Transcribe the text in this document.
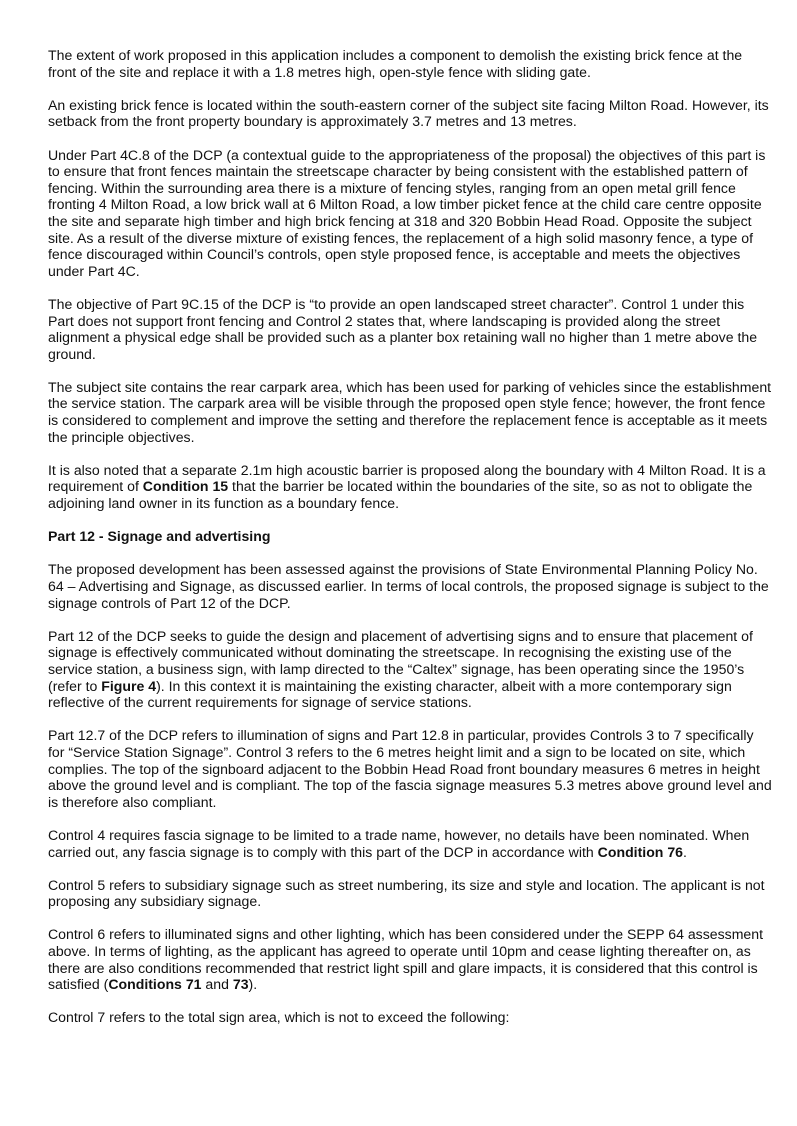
The extent of work proposed in this application includes a component to demolish the existing brick fence at the front of the site and replace it with a 1.8 metres high, open-style fence with sliding gate.

An existing brick fence is located within the south-eastern corner of the subject site facing Milton Road. However, its setback from the front property boundary is approximately 3.7 metres and 13 metres.

Under Part 4C.8 of the DCP (a contextual guide to the appropriateness of the proposal) the objectives of this part is to ensure that front fences maintain the streetscape character by being consistent with the established pattern of fencing. Within the surrounding area there is a mixture of fencing styles, ranging from an open metal grill fence fronting 4 Milton Road, a low brick wall at 6 Milton Road, a low timber picket fence at the child care centre opposite the site and separate high timber and high brick fencing at 318 and 320 Bobbin Head Road. Opposite the subject site. As a result of the diverse mixture of existing fences, the replacement of a high solid masonry fence, a type of fence discouraged within Council’s controls, open style proposed fence, is acceptable and meets the objectives under Part 4C.

The objective of Part 9C.15 of the DCP is “to provide an open landscaped street character”. Control 1 under this Part does not support front fencing and Control 2 states that, where landscaping is provided along the street alignment a physical edge shall be provided such as a planter box retaining wall no higher than 1 metre above the ground.

The subject site contains the rear carpark area, which has been used for parking of vehicles since the establishment the service station. The carpark area will be visible through the proposed open style fence; however, the front fence is considered to complement and improve the setting and therefore the replacement fence is acceptable as it meets the principle objectives.

It is also noted that a separate 2.1m high acoustic barrier is proposed along the boundary with 4 Milton Road. It is a requirement of Condition 15 that the barrier be located within the boundaries of the site, so as not to obligate the adjoining land owner in its function as a boundary fence.

Part 12 - Signage and advertising

The proposed development has been assessed against the provisions of State Environmental Planning Policy No. 64 – Advertising and Signage, as discussed earlier. In terms of local controls, the proposed signage is subject to the signage controls of Part 12 of the DCP.

Part 12 of the DCP seeks to guide the design and placement of advertising signs and to ensure that placement of signage is effectively communicated without dominating the streetscape. In recognising the existing use of the service station, a business sign, with lamp directed to the “Caltex” signage, has been operating since the 1950’s (refer to Figure 4). In this context it is maintaining the existing character, albeit with a more contemporary sign reflective of the current requirements for signage of service stations.

Part 12.7 of the DCP refers to illumination of signs and Part 12.8 in particular, provides Controls 3 to 7 specifically for “Service Station Signage”. Control 3 refers to the 6 metres height limit and a sign to be located on site, which complies. The top of the signboard adjacent to the Bobbin Head Road front boundary measures 6 metres in height above the ground level and is compliant. The top of the fascia signage measures 5.3 metres above ground level and is therefore also compliant.

Control 4 requires fascia signage to be limited to a trade name, however, no details have been nominated. When carried out, any fascia signage is to comply with this part of the DCP in accordance with Condition 76.

Control 5 refers to subsidiary signage such as street numbering, its size and style and location. The applicant is not proposing any subsidiary signage.

Control 6 refers to illuminated signs and other lighting, which has been considered under the SEPP 64 assessment above. In terms of lighting, as the applicant has agreed to operate until 10pm and cease lighting thereafter on, as there are also conditions recommended that restrict light spill and glare impacts, it is considered that this control is satisfied (Conditions 71 and 73).

Control 7 refers to the total sign area, which is not to exceed the following:
